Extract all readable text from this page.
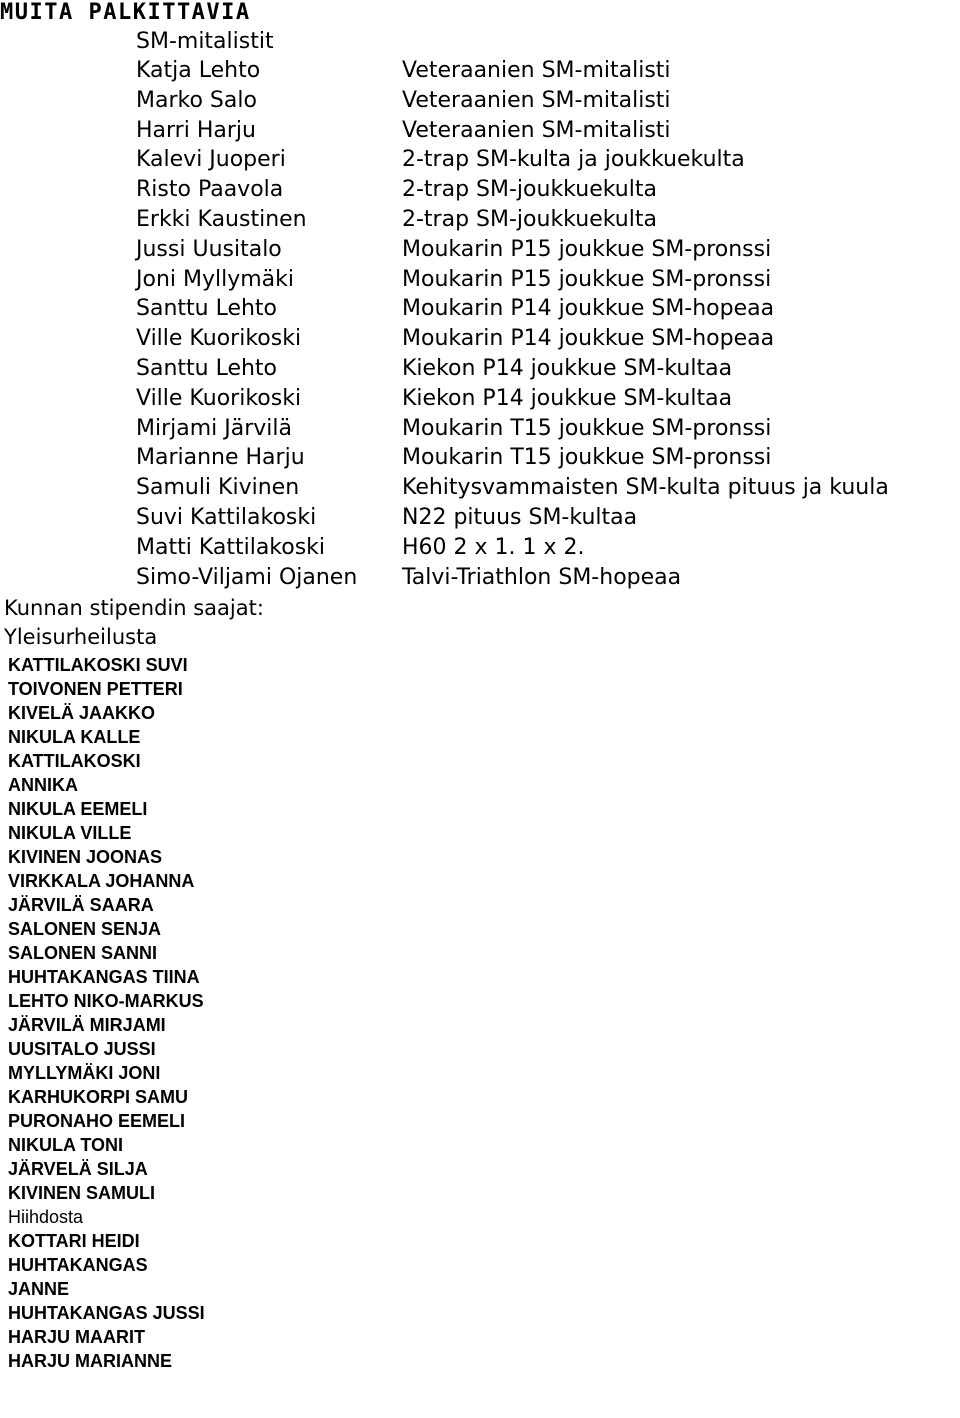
MUITA PALKITTAVIA
SM-mitalistit
Katja Lehto	Veteraanien SM-mitalisti
Marko Salo	Veteraanien SM-mitalisti
Harri Harju	Veteraanien SM-mitalisti
Kalevi Juoperi	2-trap SM-kulta ja joukkuekulta
Risto Paavola	2-trap SM-joukkuekulta
Erkki Kaustinen	2-trap SM-joukkuekulta
Jussi Uusitalo	Moukarin P15 joukkue SM-pronssi
Joni Myllymäki	Moukarin P15 joukkue SM-pronssi
Santtu Lehto	Moukarin P14 joukkue SM-hopeaa
Ville Kuorikoski	Moukarin P14 joukkue SM-hopeaa
Santtu Lehto	Kiekon P14 joukkue SM-kultaa
Ville Kuorikoski	Kiekon P14 joukkue SM-kultaa
Mirjami Järvilä	Moukarin T15 joukkue SM-pronssi
Marianne Harju	Moukarin T15 joukkue SM-pronssi
Samuli Kivinen	Kehitysvammaisten SM-kulta pituus ja kuula
Suvi Kattilakoski	N22 pituus SM-kultaa
Matti Kattilakoski	H60 2 x 1. 1 x 2.
Simo-Viljami Ojanen Talvi-Triathlon SM-hopeaa
Kunnan stipendin saajat:
Yleisurheilusta
KATTILAKOSKI SUVI
TOIVONEN PETTERI
KIVELÄ JAAKKO
NIKULA KALLE
KATTILAKOSKI
ANNIKA
NIKULA EEMELI
NIKULA VILLE
KIVINEN JOONAS
VIRKKALA JOHANNA
JÄRVILÄ SAARA
SALONEN SENJA
SALONEN SANNI
HUHTAKANGAS TIINA
LEHTO NIKO-MARKUS
JÄRVILÄ MIRJAMI
UUSITALO JUSSI
MYLLYMÄKI JONI
KARHUKORPI SAMU
PURONAHO EEMELI
NIKULA TONI
JÄRVELÄ SILJA
KIVINEN SAMULI
Hiihdosta
KOTTARI HEIDI
HUHTAKANGAS
JANNE
HUHTAKANGAS JUSSI
HARJU MAARIT
HARJU MARIANNE
